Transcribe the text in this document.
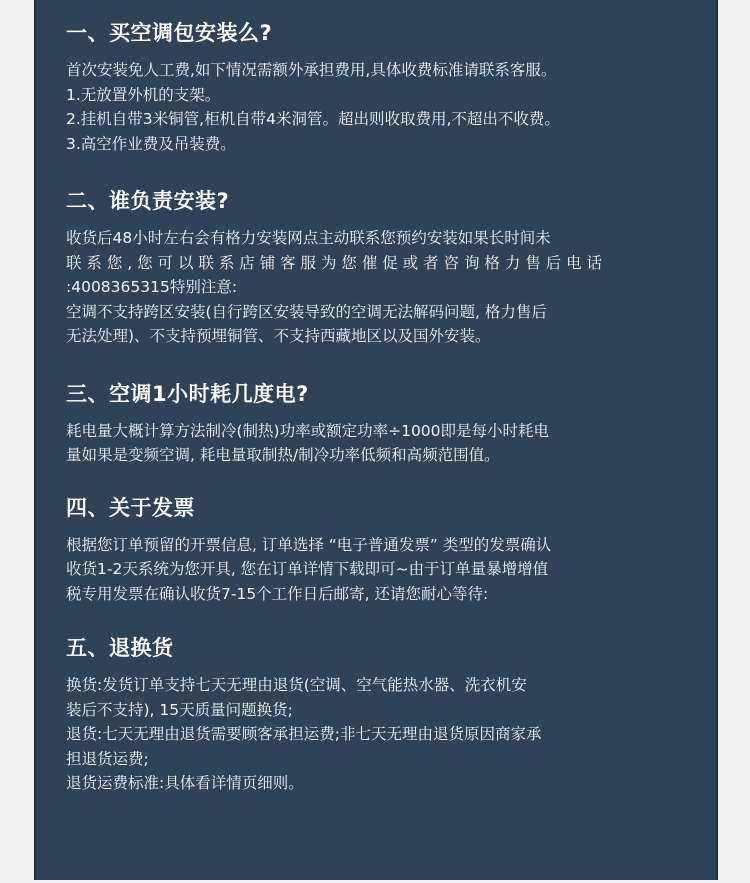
一、买空调包安装么?

首次安装免人工费,如下情况需额外承担费用,具体收费标准请联系客服。

1.无放置外机的支架。

2.挂机自带3米铜管,柜机自带4米洞管。超出则收取费用,不超出不收费。

3.高空作业费及吊装费。

二、谁负责安装?

收货后48小时左右会有格力安装网点主动联系您预约安装如果长时间未

联 系 您 , 您 可 以 联 系 店 铺 客 服 为 您 催 促 或 者 咨 询 格 力 售 后 电 话

:4008365315特别注意:

空调不支持跨区安装(自行跨区安装导致的空调无法解码问题, 格力售后

无法处理)、不支持预埋铜管、不支持西藏地区以及国外安装。

三、空调1小时耗几度电?

耗电量大概计算方法制冷(制热)功率或额定功率÷1000即是每小时耗电

量如果是变频空调, 耗电量取制热/制冷功率低频和高频范围值。

四、关于发票

根据您订单预留的开票信息, 订单选择 “电子普通发票” 类型的发票确认

收货1-2天系统为您开具, 您在订单详情下载即可~由于订单量暴增增值

税专用发票在确认收货7-15个工作日后邮寄, 还请您耐心等待:

五、退换货

换货:发货订单支持七天无理由退货(空调、空气能热水器、洗衣机安

装后不支持), 15天质量问题换货;

退货:七天无理由退货需要顾客承担运费;非七天无理由退货原因商家承

担退货运费;

退货运费标准:具体看详情页细则。
